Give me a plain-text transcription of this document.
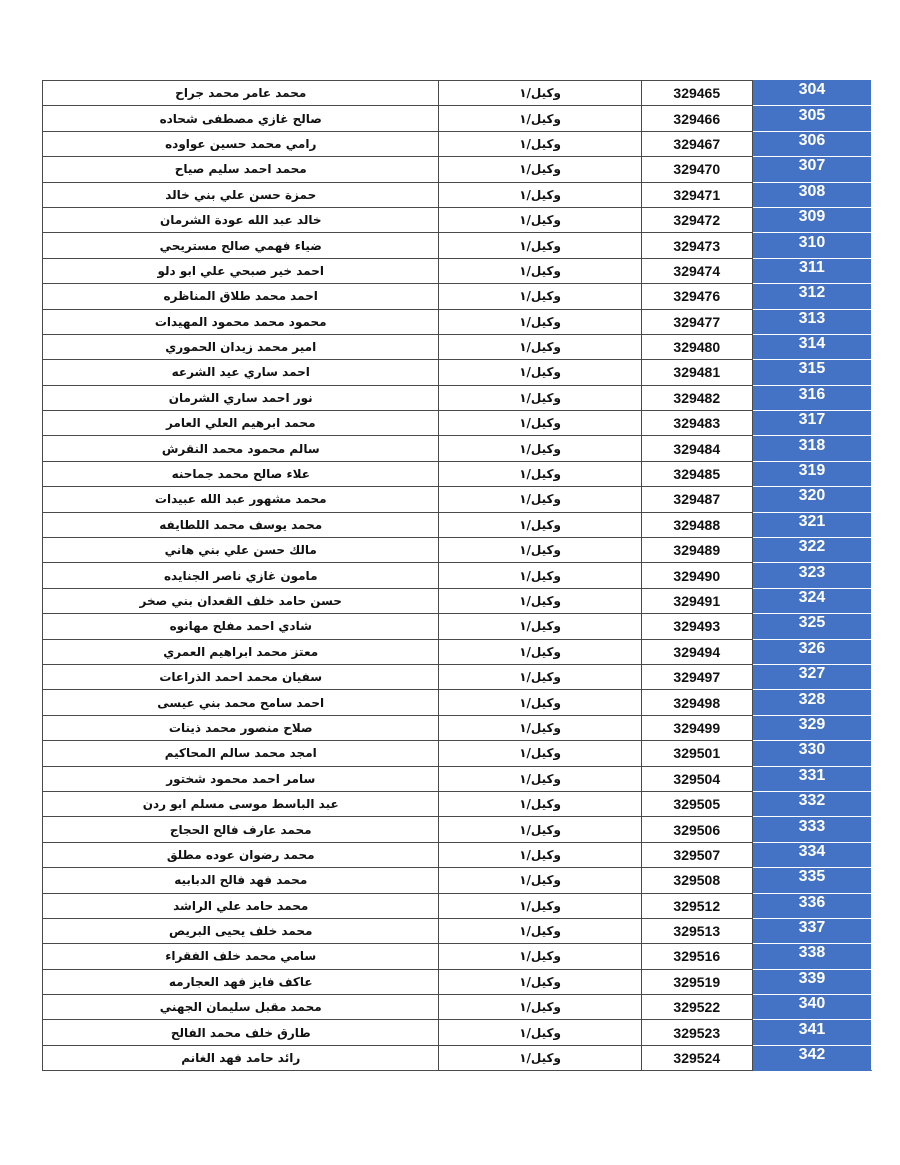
محمد عامر محمد جراح	وكيل/١	329465	304
صالح غازي مصطفى شحاده	وكيل/١	329466	305
رامي محمد حسين عواوده	وكيل/١	329467	306
محمد احمد سليم صياح	وكيل/١	329470	307
حمزة حسن علي بني خالد	وكيل/١	329471	308
خالد عبد الله عودة الشرمان	وكيل/١	329472	309
ضياء فهمي صالح مستريحي	وكيل/١	329473	310
احمد خير صبحي علي ابو دلو	وكيل/١	329474	311
احمد محمد طلاق المناظره	وكيل/١	329476	312
محمود محمد محمود المهيدات	وكيل/١	329477	313
امير محمد زيدان الحموري	وكيل/١	329480	314
احمد ساري عيد الشرعه	وكيل/١	329481	315
نور احمد ساري الشرمان	وكيل/١	329482	316
محمد ابرهيم العلي العامر	وكيل/١	329483	317
سالم محمود محمد النقرش	وكيل/١	329484	318
علاء صالح محمد جماحنه	وكيل/١	329485	319
محمد مشهور عبد الله عبيدات	وكيل/١	329487	320
محمد يوسف محمد اللطايفه	وكيل/١	329488	321
مالك حسن علي بني هاني	وكيل/١	329489	322
مامون غازي ناصر الجنايده	وكيل/١	329490	323
حسن حامد خلف القعدان بني صخر	وكيل/١	329491	324
شادي احمد مفلح مهانوه	وكيل/١	329493	325
معتز محمد ابراهيم العمري	وكيل/١	329494	326
سفيان محمد احمد الذراعات	وكيل/١	329497	327
احمد سامح محمد بني عيسى	وكيل/١	329498	328
صلاح منصور محمد ذينات	وكيل/١	329499	329
امجد محمد سالم المحاكيم	وكيل/١	329501	330
سامر احمد محمود شختور	وكيل/١	329504	331
عبد الباسط موسى مسلم ابو ردن	وكيل/١	329505	332
محمد عارف فالح الحجاج	وكيل/١	329506	333
محمد رضوان عوده مطلق	وكيل/١	329507	334
محمد فهد فالح الدبابيه	وكيل/١	329508	335
محمد حامد علي الراشد	وكيل/١	329512	336
محمد خلف يحيى البريص	وكيل/١	329513	337
سامي محمد خلف الفقراء	وكيل/١	329516	338
عاكف فايز فهد العجارمه	وكيل/١	329519	339
محمد مقبل سليمان الجهني	وكيل/١	329522	340
طارق خلف محمد الفالح	وكيل/١	329523	341
رائد حامد فهد الغانم	وكيل/١	329524	342
